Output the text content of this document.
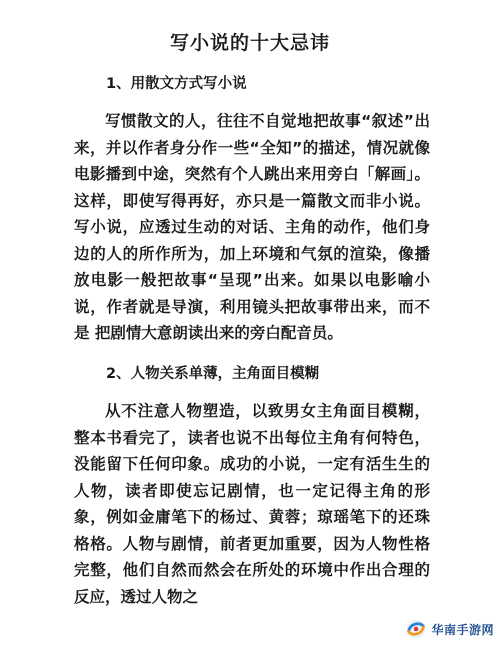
写小说的十大忌讳
1、用散文方式写小说

写惯散文的人，往往不自觉地把故事“叙述”出来，并以作者身分作一些“全知”的描述，情况就像电影播到中途，突然有个人跳出来用旁白「解画」。这样，即使写得再好，亦只是一篇散文而非小说。写小说，应透过生动的对话、主角的动作，他们身边的人的所作所为，加上环境和气氛的渲染，像播放电影一般把故事“呈现”出来。如果以电影喻小说，作者就是导演，利用镜头把故事带出来，而不是 把剧情大意朗读出来的旁白配音员。

2、人物关系单薄，主角面目模糊

从不注意人物塑造，以致男女主角面目模糊，整本书看完了，读者也说不出每位主角有何特色，没能留下任何印象。成功的小说，一定有活生生的人物，读者即使忘记剧情，也一定记得主角的形象，例如金庸笔下的杨过、黄蓉；琼瑶笔下的还珠格格。人物与剧情，前者更加重要，因为人物性格完整，他们自然而然会在所处的环境中作出合理的反应，透过人物之

华南手游网
